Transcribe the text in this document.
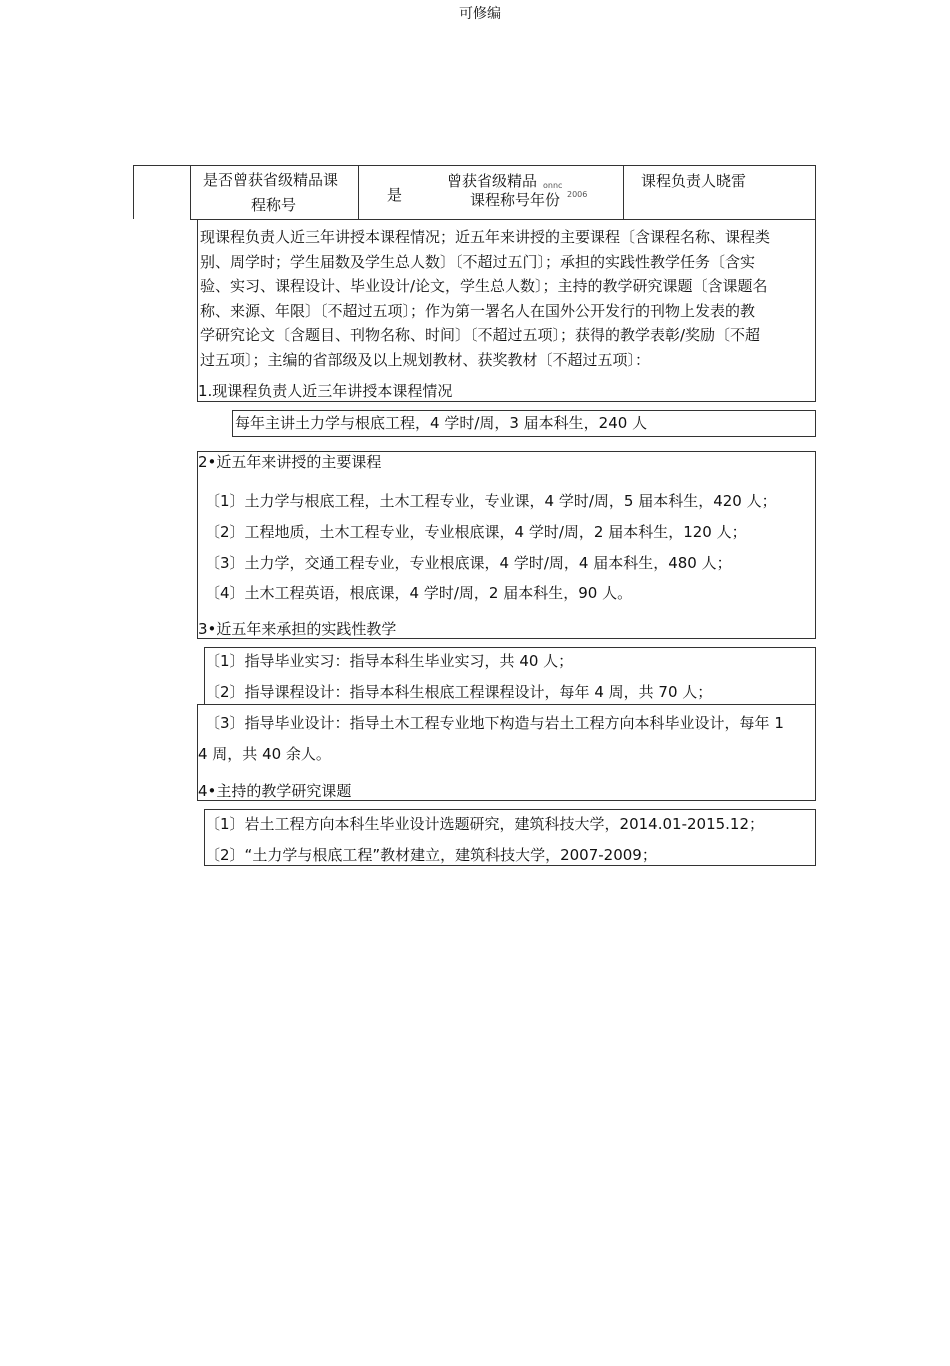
可修编
是否曾获省级精品课
程称号
是
曾获省级精品 onnc
课程称号年份 2006
课程负责人晓雷
现课程负责人近三年讲授本课程情况；近五年来讲授的主要课程〔含课程名称、课程类
别、周学时；学生届数及学生总人数〕〔不超过五门〕；承担的实践性教学任务〔含实
验、实习、课程设计、毕业设计/论文，学生总人数〕；主持的教学研究课题〔含课题名
称、来源、年限〕〔不超过五项〕；作为第一署名人在国外公开发行的刊物上发表的教
学研究论文〔含题目、刊物名称、时间〕〔不超过五项〕；获得的教学表彰/奖励〔不超
过五项〕；主编的省部级及以上规划教材、获奖教材〔不超过五项〕：
1.现课程负责人近三年讲授本课程情况
每年主讲土力学与根底工程，4 学时/周，3 届本科生，240 人
2•近五年来讲授的主要课程
〔1〕土力学与根底工程，土木工程专业，专业课，4 学时/周，5 届本科生，420 人；
〔2〕工程地质，土木工程专业，专业根底课，4 学时/周，2 届本科生，120 人；
〔3〕土力学，交通工程专业，专业根底课，4 学时/周，4 届本科生，480 人；
〔4〕土木工程英语，根底课，4 学时/周，2 届本科生，90 人。
3•近五年来承担的实践性教学
〔1〕指导毕业实习：指导本科生毕业实习，共 40 人；
〔2〕指导课程设计：指导本科生根底工程课程设计，每年 4 周，共 70 人；
〔3〕指导毕业设计：指导土木工程专业地下构造与岩土工程方向本科毕业设计，每年 1
4 周，共 40 余人。
4•主持的教学研究课题
〔1〕岩土工程方向本科生毕业设计选题研究，建筑科技大学，2014.01-2015.12；
〔2〕“土力学与根底工程”教材建立，建筑科技大学，2007-2009；
